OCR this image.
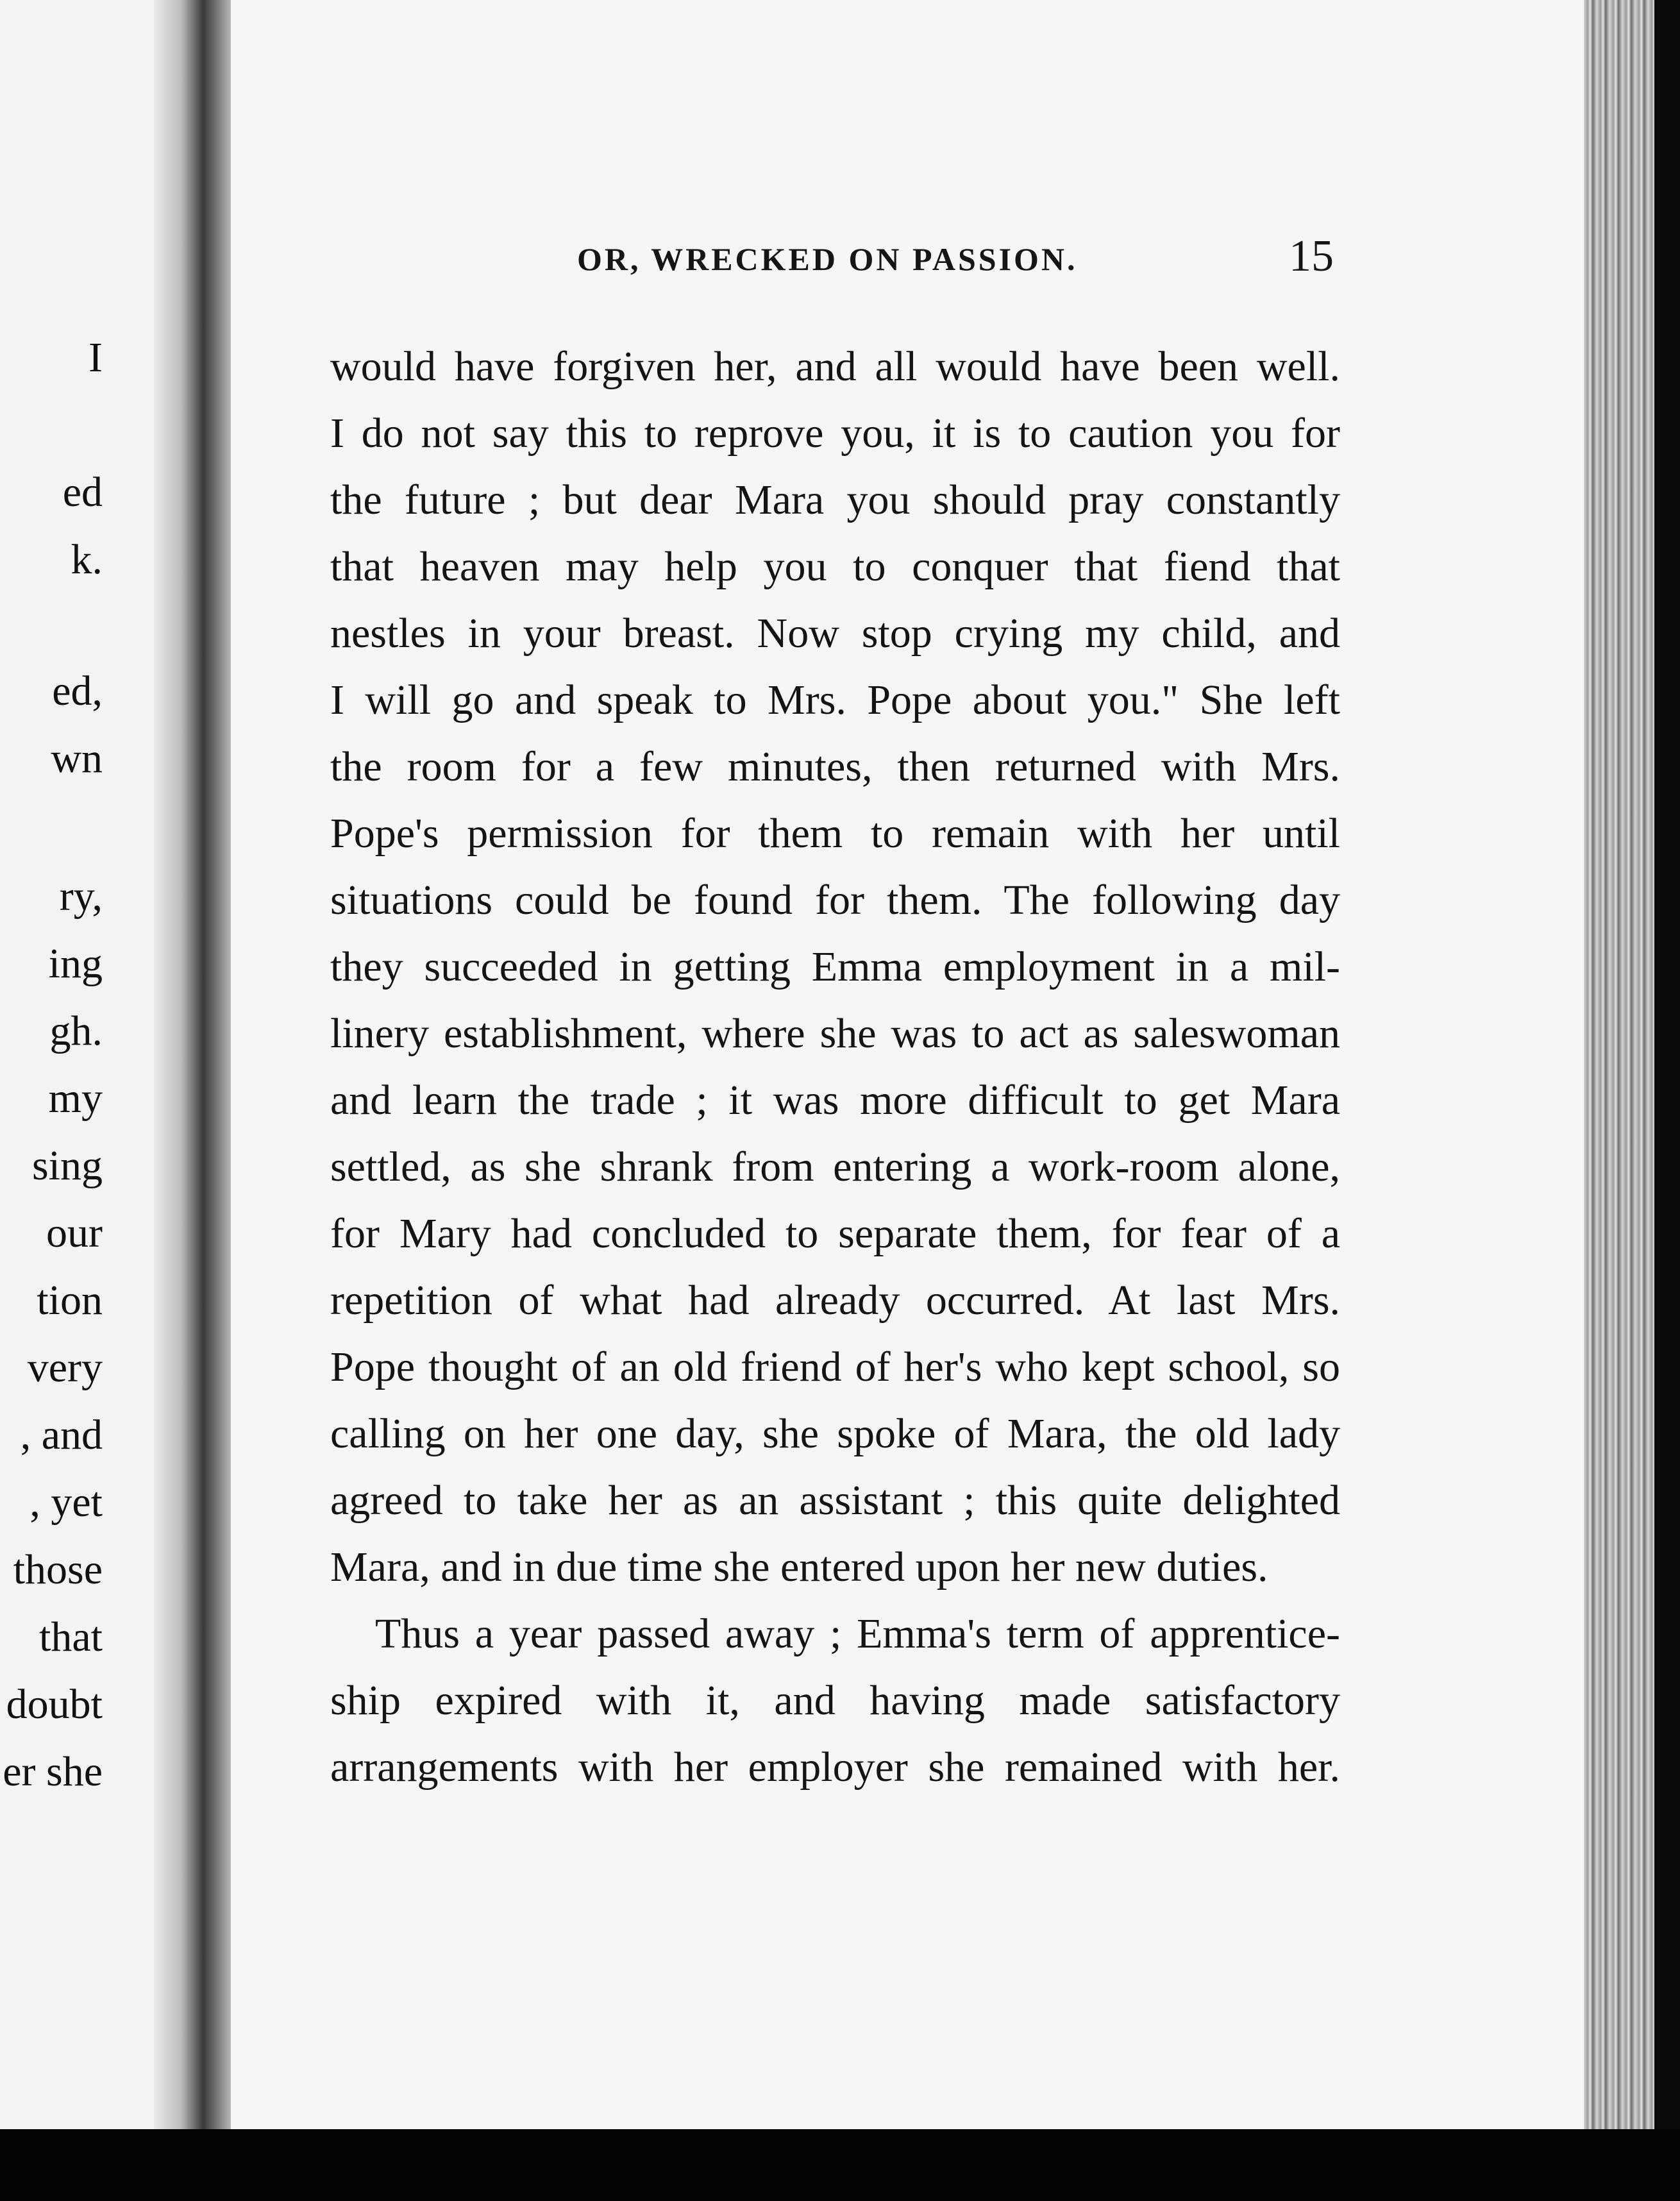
I
ed
k.
ed,
wn
ry,
ing
gh.
my
sing
our
tion
very
, and
, yet
those
that
doubt
er she
OR, WRECKED ON PASSION.	15
would have forgiven her, and all would have been well.
I do not say this to reprove you, it is to caution you for
the future ; but dear Mara you should pray constantly
that heaven may help you to conquer that fiend that
nestles in your breast. Now stop crying my child, and
I will go and speak to Mrs. Pope about you." She left
the room for a few minutes, then returned with Mrs.
Pope's permission for them to remain with her until
situations could be found for them. The following day
they succeeded in getting Emma employment in a mil-
linery establishment, where she was to act as saleswoman
and learn the trade ; it was more difficult to get Mara
settled, as she shrank from entering a work-room alone,
for Mary had concluded to separate them, for fear of a
repetition of what had already occurred. At last Mrs.
Pope thought of an old friend of her's who kept school, so
calling on her one day, she spoke of Mara, the old lady
agreed to take her as an assistant ; this quite delighted
Mara, and in due time she entered upon her new duties.
Thus a year passed away ; Emma's term of apprentice-
ship expired with it, and having made satisfactory
arrangements with her employer she remained with her.
